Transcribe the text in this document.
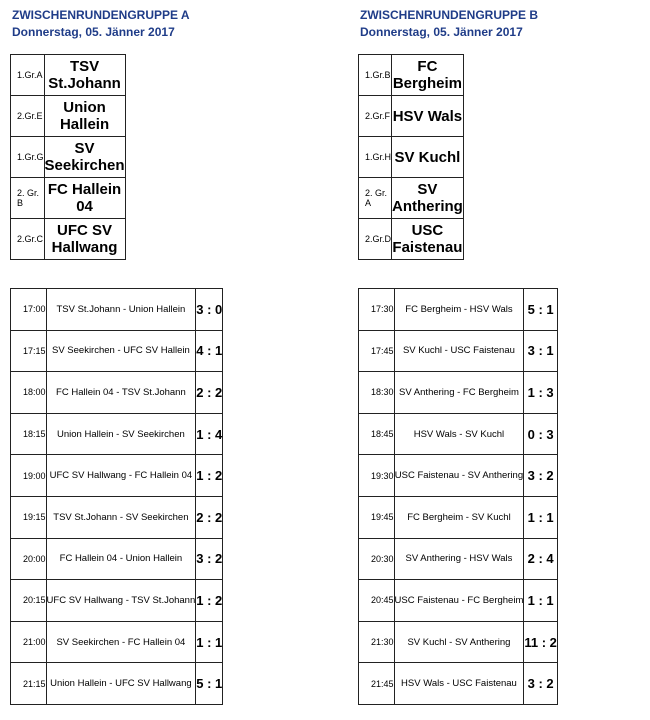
ZWISCHENRUNDENGRUPPE A
Donnerstag, 05. Jänner 2017
1.Gr.A	TSV St.Johann
2.Gr.E	Union Hallein
1.Gr.G	SV Seekirchen
2. Gr. B	FC Hallein 04
2.Gr.C	UFC SV Hallwang
17:00	TSV St.Johann - Union Hallein	3 : 0
17:15	SV Seekirchen - UFC SV Hallein	4 : 1
18:00	FC Hallein 04 - TSV St.Johann	2 : 2
18:15	Union Hallein - SV Seekirchen	1 : 4
19:00	UFC SV Hallwang - FC Hallein 04	1 : 2
19:15	TSV St.Johann - SV Seekirchen	2 : 2
20:00	FC Hallein 04 - Union Hallein	3 : 2
20:15	UFC SV Hallwang - TSV St.Johann	1 : 2
21:00	SV Seekirchen - FC Hallein 04	1 : 1
21:15	Union Hallein - UFC SV Hallwang	5 : 1
ZWISCHENRUNDENGRUPPE B
Donnerstag, 05. Jänner 2017
1.Gr.B	FC Bergheim
2.Gr.F	HSV Wals
1.Gr.H	SV Kuchl
2. Gr. A	SV Anthering
2.Gr.D	USC Faistenau
17:30	FC Bergheim - HSV Wals	5 : 1
17:45	SV Kuchl - USC Faistenau	3 : 1
18:30	SV Anthering - FC Bergheim	1 : 3
18:45	HSV Wals - SV Kuchl	0 : 3
19:30	USC Faistenau - SV Anthering	3 : 2
19:45	FC Bergheim - SV Kuchl	1 : 1
20:30	SV Anthering - HSV Wals	2 : 4
20:45	USC Faistenau - FC Bergheim	1 : 1
21:30	SV Kuchl - SV Anthering	11 : 2
21:45	HSV Wals - USC Faistenau	3 : 2
